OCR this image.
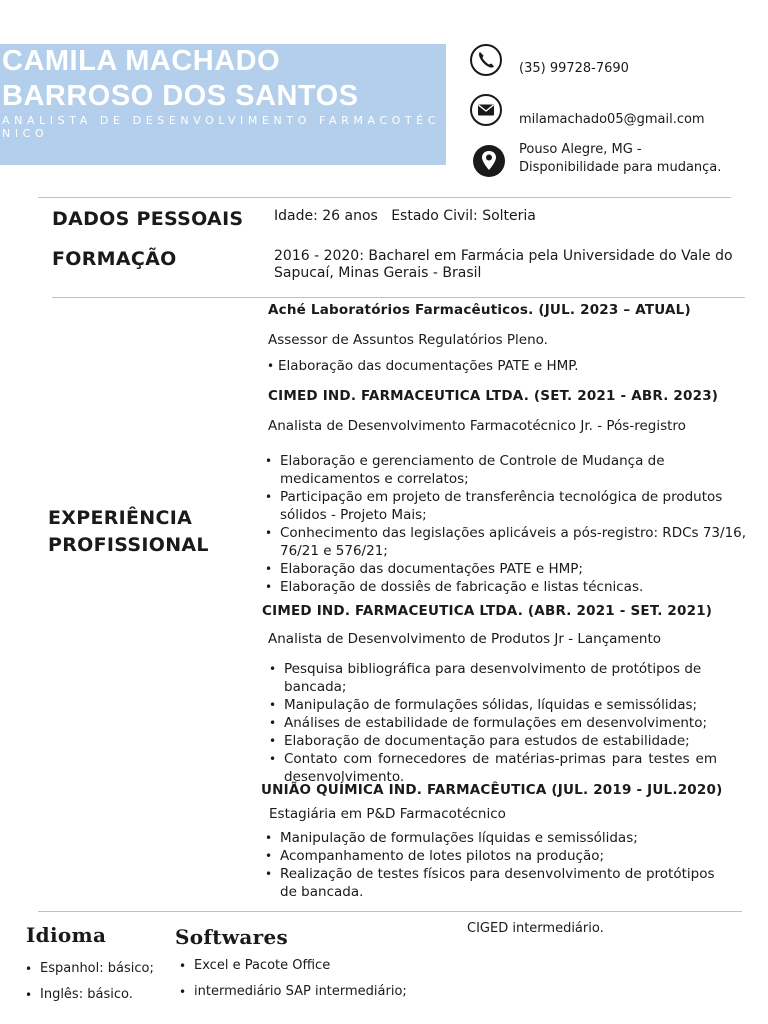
CAMILA MACHADO
BARROSO DOS SANTOS
ANALISTA DE DESENVOLVIMENTO FARMACOTÉCNICO
(35) 99728-7690
milamachado05@gmail.com
Pouso Alegre, MG -
Disponibilidade para mudança.
DADOS PESSOAIS Idade: 26 anos   Estado Civil: Solteria
FORMAÇÃO	2016 - 2020: Bacharel em Farmácia pela Universidade do Vale do Sapucaí, Minas Gerais - Brasil
EXPERIÊNCIA
PROFISSIONAL
Aché Laboratórios Farmacêuticos. (JUL. 2023 – ATUAL)
Assessor de Assuntos Regulatórios Pleno.
• Elaboração das documentações PATE e HMP.
CIMED IND. FARMACEUTICA LTDA. (SET. 2021 - ABR. 2023)
Analista de Desenvolvimento Farmacotécnico Jr. - Pós-registro
• Elaboração e gerenciamento de Controle de Mudança de medicamentos e correlatos;
• Participação em projeto de transferência tecnológica de produtos sólidos - Projeto Mais;
• Conhecimento das legislações aplicáveis a pós-registro: RDCs 73/16, 76/21 e 576/21;
• Elaboração das documentações PATE e HMP;
• Elaboração de dossiês de fabricação e listas técnicas.
CIMED IND. FARMACEUTICA LTDA. (ABR. 2021 - SET. 2021)
Analista de Desenvolvimento de Produtos Jr - Lançamento
• Pesquisa bibliográfica para desenvolvimento de protótipos de bancada;
• Manipulação de formulações sólidas, líquidas e semissólidas;
• Análises de estabilidade de formulações em desenvolvimento;
• Elaboração de documentação para estudos de estabilidade;
• Contato com fornecedores de matérias-primas para testes em desenvolvimento.
UNIÃO QUÍMICA IND. FARMACÊUTICA (JUL. 2019 - JUL.2020)
Estagiária em P&D Farmacotécnico
• Manipulação de formulações líquidas e semissólidas;
• Acompanhamento de lotes pilotos na produção;
• Realização de testes físicos para desenvolvimento de protótipos de bancada.
Idioma
• Espanhol: básico;
• Inglês: básico.
Softwares
• Excel e Pacote Office
• intermediário SAP intermediário;
CIGED intermediário.
